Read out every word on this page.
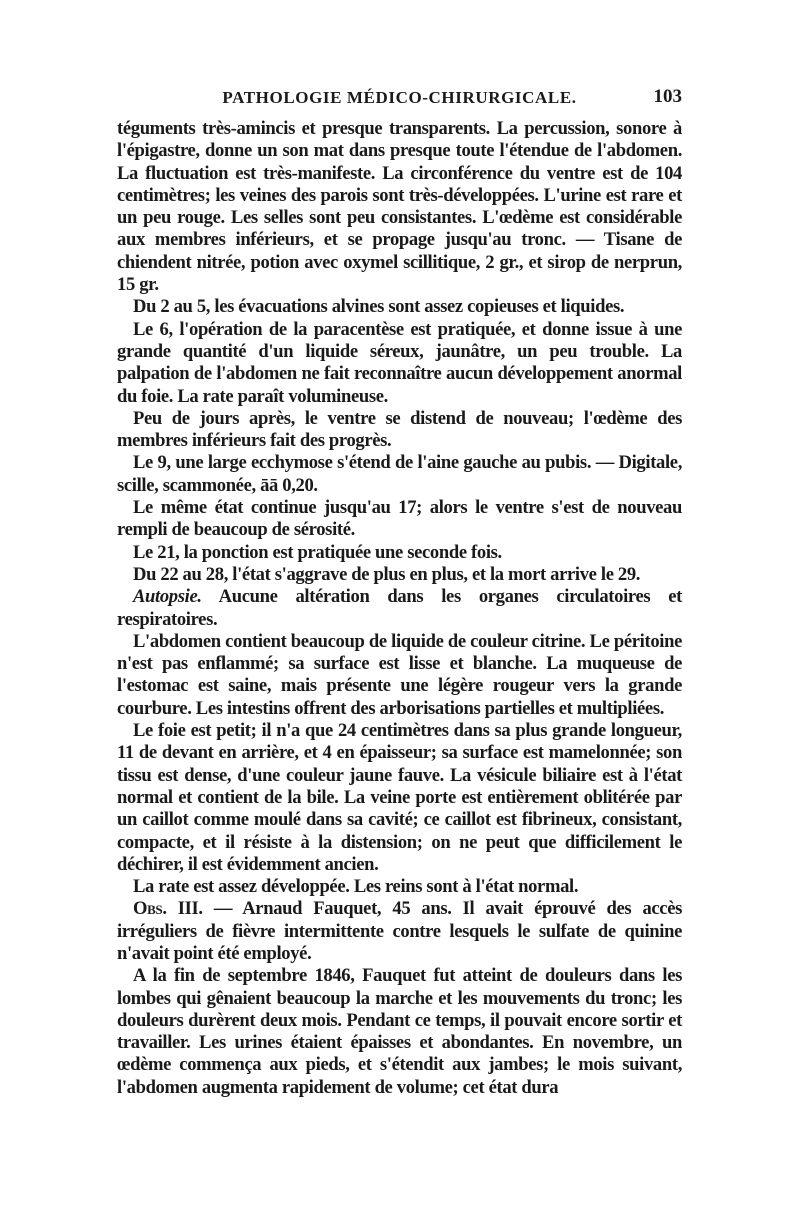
PATHOLOGIE MÉDICO-CHIRURGICALE.	103

téguments très-amincis et presque transparents. La percussion, sonore à l'épigastre, donne un son mat dans presque toute l'étendue de l'abdomen. La fluctuation est très-manifeste. La circonférence du ventre est de 104 centimètres; les veines des parois sont très-développées. L'urine est rare et un peu rouge. Les selles sont peu consistantes. L'œdème est considérable aux membres inférieurs, et se propage jusqu'au tronc. — Tisane de chiendent nitrée, potion avec oxymel scillitique, 2 gr., et sirop de nerprun, 15 gr.

Du 2 au 5, les évacuations alvines sont assez copieuses et liquides.

Le 6, l'opération de la paracentèse est pratiquée, et donne issue à une grande quantité d'un liquide séreux, jaunâtre, un peu trouble. La palpation de l'abdomen ne fait reconnaître aucun développement anormal du foie. La rate paraît volumineuse.

Peu de jours après, le ventre se distend de nouveau; l'œdème des membres inférieurs fait des progrès.

Le 9, une large ecchymose s'étend de l'aine gauche au pubis. — Digitale, scille, scammonée, āā 0,20.

Le même état continue jusqu'au 17; alors le ventre s'est de nouveau rempli de beaucoup de sérosité.

Le 21, la ponction est pratiquée une seconde fois.

Du 22 au 28, l'état s'aggrave de plus en plus, et la mort arrive le 29.

Autopsie. Aucune altération dans les organes circulatoires et respiratoires.

L'abdomen contient beaucoup de liquide de couleur citrine. Le péritoine n'est pas enflammé; sa surface est lisse et blanche. La muqueuse de l'estomac est saine, mais présente une légère rougeur vers la grande courbure. Les intestins offrent des arborisations partielles et multipliées.

Le foie est petit; il n'a que 24 centimètres dans sa plus grande longueur, 11 de devant en arrière, et 4 en épaisseur; sa surface est mamelonnée; son tissu est dense, d'une couleur jaune fauve. La vésicule biliaire est à l'état normal et contient de la bile. La veine porte est entièrement oblitérée par un caillot comme moulé dans sa cavité; ce caillot est fibrineux, consistant, compacte, et il résiste à la distension; on ne peut que difficilement le déchirer, il est évidemment ancien.

La rate est assez développée. Les reins sont à l'état normal.

Obs. III. — Arnaud Fauquet, 45 ans. Il avait éprouvé des accès irréguliers de fièvre intermittente contre lesquels le sulfate de quinine n'avait point été employé.

A la fin de septembre 1846, Fauquet fut atteint de douleurs dans les lombes qui gênaient beaucoup la marche et les mouvements du tronc; les douleurs durèrent deux mois. Pendant ce temps, il pouvait encore sortir et travailler. Les urines étaient épaisses et abondantes. En novembre, un œdème commença aux pieds, et s'étendit aux jambes; le mois suivant, l'abdomen augmenta rapidement de volume; cet état dura
